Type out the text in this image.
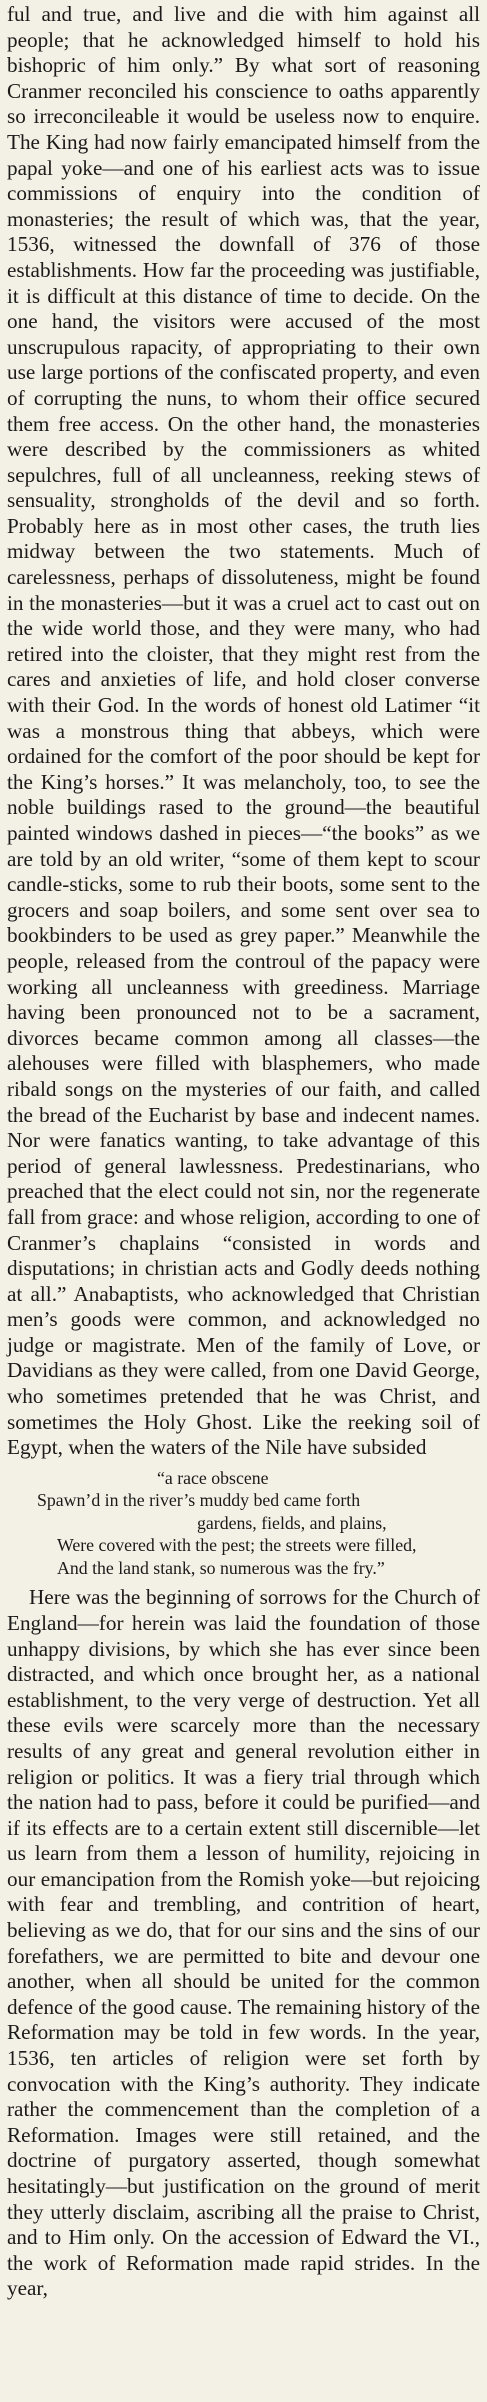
ful and true, and live and die with him against all people; that he acknowledged himself to hold his bishopric of him only.” By what sort of reasoning Cranmer reconciled his conscience to oaths apparently so irreconcileable it would be useless now to enquire. The King had now fairly emancipated himself from the papal yoke—and one of his earliest acts was to issue commissions of enquiry into the condition of monasteries; the result of which was, that the year, 1536, witnessed the downfall of 376 of those establishments. How far the proceeding was justifiable, it is difficult at this distance of time to decide. On the one hand, the visitors were accused of the most unscrupulous rapacity, of appropriating to their own use large portions of the confiscated property, and even of corrupting the nuns, to whom their office secured them free access. On the other hand, the monasteries were described by the commissioners as whited sepulchres, full of all uncleanness, reeking stews of sensuality, strongholds of the devil and so forth. Probably here as in most other cases, the truth lies midway between the two statements. Much of carelessness, perhaps of dissoluteness, might be found in the monasteries—but it was a cruel act to cast out on the wide world those, and they were many, who had retired into the cloister, that they might rest from the cares and anxieties of life, and hold closer converse with their God. In the words of honest old Latimer “it was a monstrous thing that abbeys, which were ordained for the comfort of the poor should be kept for the King’s horses.” It was melancholy, too, to see the noble buildings rased to the ground—the beautiful painted windows dashed in pieces—“the books” as we are told by an old writer, “some of them kept to scour candle-sticks, some to rub their boots, some sent to the grocers and soap boilers, and some sent over sea to bookbinders to be used as grey paper.” Meanwhile the people, released from the controul of the papacy were working all uncleanness with greediness. Marriage having been pronounced not to be a sacrament, divorces became common among all classes—the alehouses were filled with blasphemers, who made ribald songs on the mysteries of our faith, and called the bread of the Eucharist by base and indecent names. Nor were fanatics wanting, to take advantage of this period of general lawlessness. Predestinarians, who preached that the elect could not sin, nor the regenerate fall from grace: and whose religion, according to one of Cranmer’s chaplains “consisted in words and disputations; in christian acts and Godly deeds nothing at all.” Anabaptists, who acknowledged that Christian men’s goods were common, and acknowledged no judge or magistrate. Men of the family of Love, or Davidians as they were called, from one David George, who sometimes pretended that he was Christ, and sometimes the Holy Ghost. Like the reeking soil of Egypt, when the waters of the Nile have subsided

“a race obscene
Spawn’d in the river’s muddy bed came forth
gardens, fields, and plains,
Were covered with the pest; the streets were filled,
And the land stank, so numerous was the fry.”

Here was the beginning of sorrows for the Church of England—for herein was laid the foundation of those unhappy divisions, by which she has ever since been distracted, and which once brought her, as a national establishment, to the very verge of destruction. Yet all these evils were scarcely more than the necessary results of any great and general revolution either in religion or politics. It was a fiery trial through which the nation had to pass, before it could be purified—and if its effects are to a certain extent still discernible—let us learn from them a lesson of humility, rejoicing in our emancipation from the Romish yoke—but rejoicing with fear and trembling, and contrition of heart, believing as we do, that for our sins and the sins of our forefathers, we are permitted to bite and devour one another, when all should be united for the common defence of the good cause. The remaining history of the Reformation may be told in few words. In the year, 1536, ten articles of religion were set forth by convocation with the King’s authority. They indicate rather the commencement than the completion of a Reformation. Images were still retained, and the doctrine of purgatory asserted, though somewhat hesitatingly—but justification on the ground of merit they utterly disclaim, ascribing all the praise to Christ, and to Him only. On the accession of Edward the VI., the work of Reformation made rapid strides. In the year,
